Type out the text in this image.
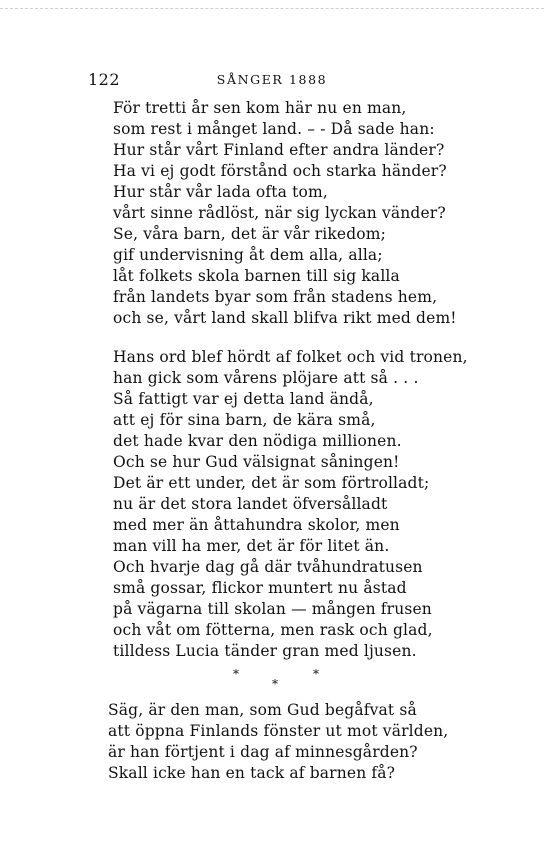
122	SÅNGER 1888
För tretti år sen kom här nu en man,
som rest i månget land. – - Då sade han:
Hur står vårt Finland efter andra länder?
Ha vi ej godt förstånd och starka händer?
Hur står vår lada ofta tom,
vårt sinne rådlöst, när sig lyckan vänder?
Se, våra barn, det är vår rikedom;
gif undervisning åt dem alla, alla;
låt folkets skola barnen till sig kalla
från landets byar som från stadens hem,
och se, vårt land skall blifva rikt med dem!
Hans ord blef hördt af folket och vid tronen,
han gick som vårens plöjare att så . . .
Så fattigt var ej detta land ändå,
att ej för sina barn, de kära små,
det hade kvar den nödiga millionen.
Och se hur Gud välsignat såningen!
Det är ett under, det är som förtrolladt;
nu är det stora landet öfversålladt
med mer än åttahundra skolor, men
man vill ha mer, det är för litet än.
Och hvarje dag gå där tvåhundratusen
små gossar, flickor muntert nu åstad
på vägarna till skolan — mången frusen
och våt om fötterna, men rask och glad,
tilldess Lucia tänder gran med ljusen.
*	*
*
Säg, är den man, som Gud begåfvat så
att öppna Finlands fönster ut mot världen,
är han förtjent i dag af minnesgården?
Skall icke han en tack af barnen få?
